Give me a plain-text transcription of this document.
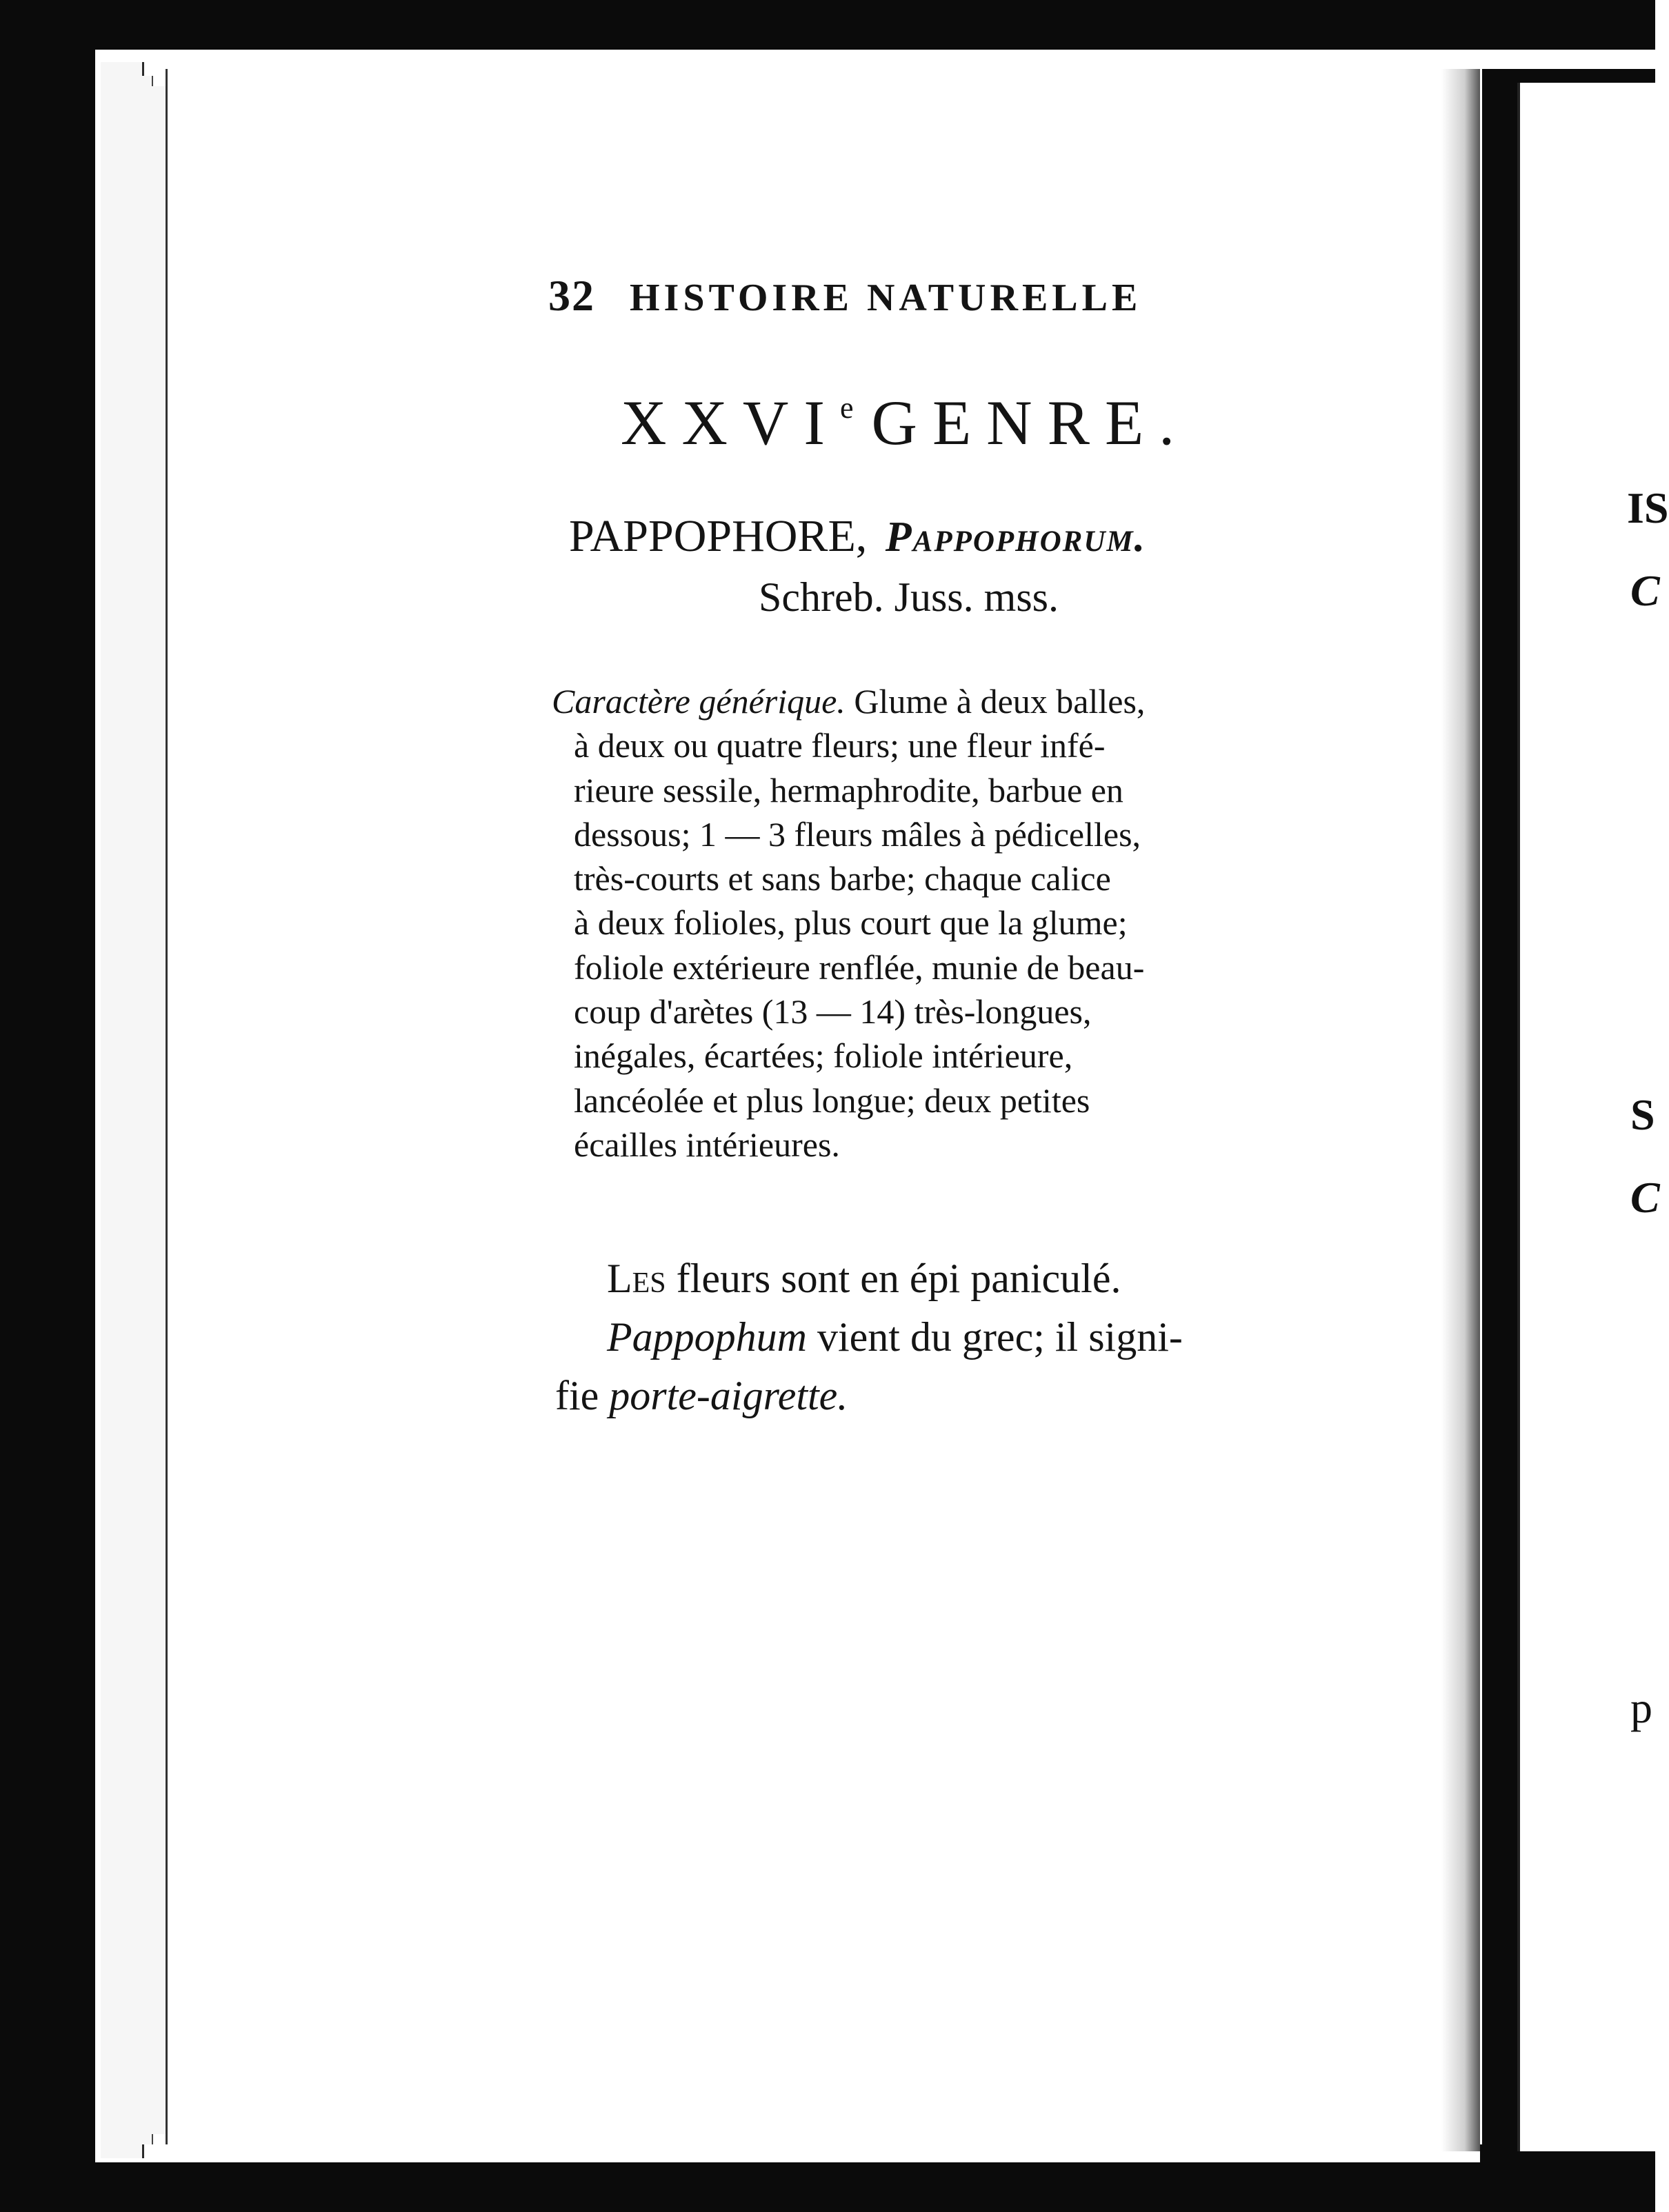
IS
C
S
C
p
32 HISTOIRE NATURELLE
XXVIe GENRE.
PAPPOPHORE, Pappophorum.
Schreb. Juss. mss.
Caractère générique. Glume à deux balles,
à deux ou quatre fleurs; une fleur infé-
rieure sessile, hermaphrodite, barbue en
dessous; 1 — 3 fleurs mâles à pédicelles,
très-courts et sans barbe; chaque calice
à deux folioles, plus court que la glume;
foliole extérieure renflée, munie de beau-
coup d'arètes (13 — 14) très-longues,
inégales, écartées; foliole intérieure,
lancéolée et plus longue; deux petites
écailles intérieures.
Les fleurs sont en épi paniculé.
Pappophum vient du grec; il signi-
fie porte-aigrette.
